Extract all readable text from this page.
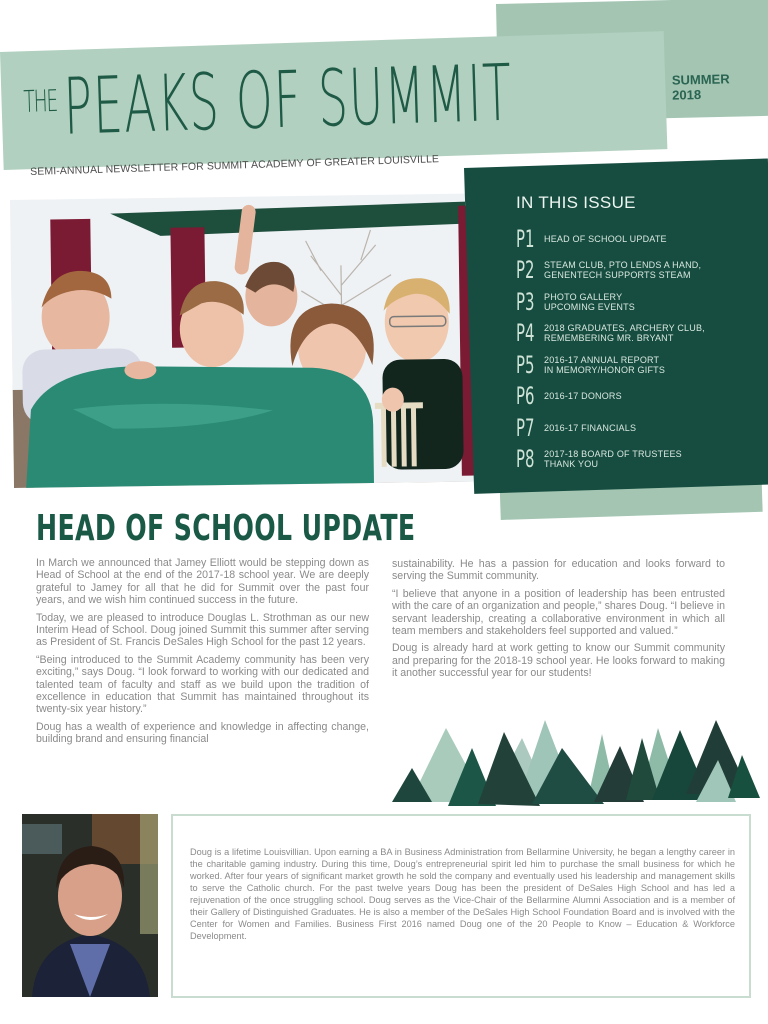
THE PEAKS OF SUMMIT	SUMMER
2018
SEMI-ANNUAL NEWSLETTER FOR SUMMIT ACADEMY OF GREATER LOUISVILLE
IN THIS ISSUE
P1 HEAD OF SCHOOL UPDATE
P2 STEAM CLUB, PTO LENDS A HAND,
GENENTECH SUPPORTS STEAM
P3 PHOTO GALLERY
UPCOMING EVENTS
P4 2018 GRADUATES, ARCHERY CLUB,
REMEMBERING MR. BRYANT
P5 2016-17 ANNUAL REPORT
IN MEMORY/HONOR GIFTS
P6 2016-17 DONORS
P7 2016-17 FINANCIALS
P8 2017-18 BOARD OF TRUSTEES
THANK YOU
HEAD OF SCHOOL UPDATE

In March we announced that Jamey Elliott would be stepping down as Head of School at the end of the 2017-18 school year. We are deeply grateful to Jamey for all that he did for Summit over the past four years, and we wish him continued success in the future.

Today, we are pleased to introduce Douglas L. Strothman as our new Interim Head of School. Doug joined Summit this summer after serving as President of St. Francis DeSales High School for the past 12 years.

“Being introduced to the Summit Academy community has been very exciting,” says Doug. “I look forward to working with our dedicated and talented team of faculty and staff as we build upon the tradition of excellence in education that Summit has maintained throughout its twenty-six year history.”

Doug has a wealth of experience and knowledge in affecting change, building brand and ensuring financial

sustainability. He has a passion for education and looks forward to serving the Summit community.

“I believe that anyone in a position of leadership has been entrusted with the care of an organization and people,” shares Doug. “I believe in servant leadership, creating a collaborative environment in which all team members and stakeholders feel supported and valued.”

Doug is already hard at work getting to know our Summit community and preparing for the 2018-19 school year. He looks forward to making it another successful year for our students!

Doug is a lifetime Louisvillian. Upon earning a BA in Business Administration from Bellarmine University, he began a lengthy career in the charitable gaming industry. During this time, Doug’s entrepreneurial spirit led him to purchase the small business for which he worked. After four years of significant market growth he sold the company and eventually used his leadership and management skills to serve the Catholic church. For the past twelve years Doug has been the president of DeSales High School and has led a rejuvenation of the once struggling school. Doug serves as the Vice-Chair of the Bellarmine Alumni Association and is a member of their Gallery of Distinguished Graduates. He is also a member of the DeSales High School Foundation Board and is involved with the Center for Women and Families. Business First 2016 named Doug one of the 20 People to Know – Education & Workforce Development.
